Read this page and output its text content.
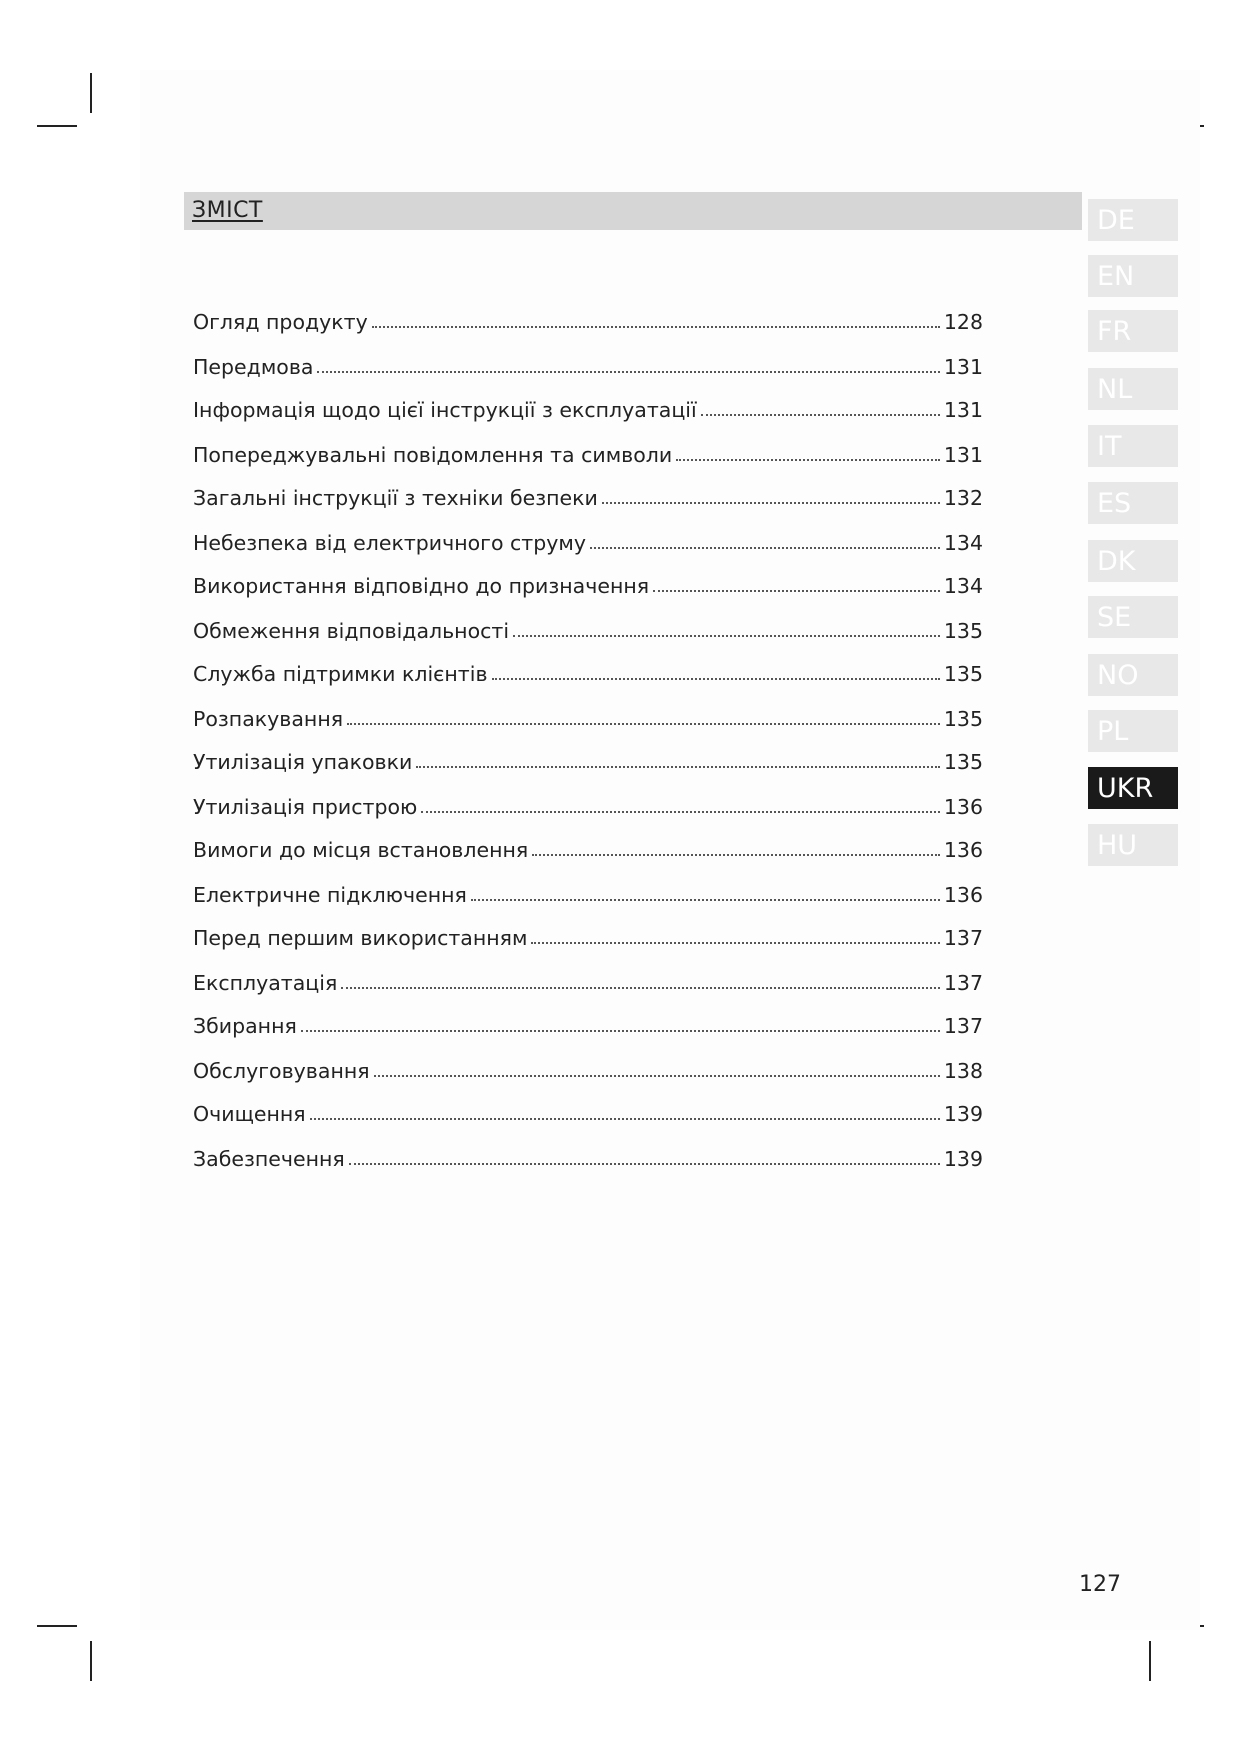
ЗМІСТ
Огляд продукту	128
Передмова	131
Інформація щодо цієї інструкції з експлуатації	131
Попереджувальні повідомлення та символи	131
Загальні інструкції з техніки безпеки	132
Небезпека від електричного струму	134
Використання відповідно до призначення	134
Обмеження відповідальності	135
Служба підтримки клієнтів	135
Розпакування	135
Утилізація упаковки	135
Утилізація пристрою	136
Вимоги до місця встановлення	136
Електричне підключення	136
Перед першим використанням	137
Експлуатація	137
Збирання	137
Обслуговування	138
Очищення	139
Забезпечення	139
DE
EN
FR
NL
IT
ES
DK
SE
NO
PL
UKR
HU
127
